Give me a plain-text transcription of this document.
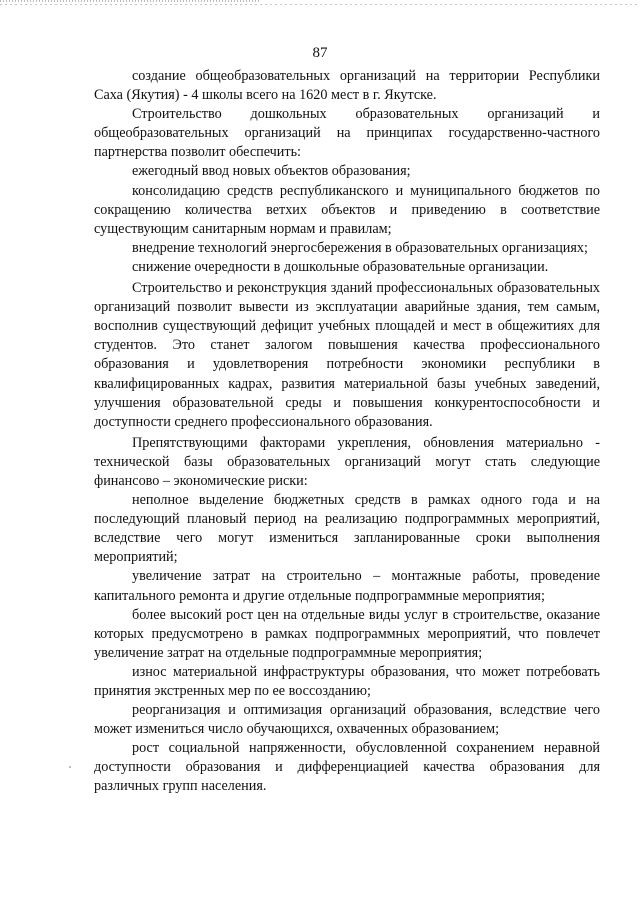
87

создание общеобразовательных организаций на территории Республики Саха (Якутия) - 4 школы всего на 1620 мест в г. Якутске.

Строительство дошкольных образовательных организаций и общеобразовательных организаций на принципах государственно-частного партнерства позволит обеспечить:

ежегодный ввод новых объектов образования;

консолидацию средств республиканского и муниципального бюджетов по сокращению количества ветхих объектов и приведению в соответствие существующим санитарным нормам и правилам;

внедрение технологий энергосбережения в образовательных организациях;

снижение очередности в дошкольные образовательные организации.

Строительство и реконструкция зданий профессиональных образовательных организаций позволит вывести из эксплуатации аварийные здания, тем самым, восполнив существующий дефицит учебных площадей и мест в общежитиях для студентов. Это станет залогом повышения качества профессионального образования и удовлетворения потребности экономики республики в квалифицированных кадрах, развития материальной базы учебных заведений, улучшения образовательной среды и повышения конкурентоспособности и доступности среднего профессионального образования.

Препятствующими факторами укрепления, обновления материально - технической базы образовательных организаций могут стать следующие финансово – экономические риски:

неполное выделение бюджетных средств в рамках одного года и на последующий плановый период на реализацию подпрограммных мероприятий, вследствие чего могут измениться запланированные сроки выполнения мероприятий;

увеличение затрат на строительно – монтажные работы, проведение капитального ремонта и другие отдельные подпрограммные мероприятия;

более высокий рост цен на отдельные виды услуг в строительстве, оказание которых предусмотрено в рамках подпрограммных мероприятий, что повлечет увеличение затрат на отдельные подпрограммные мероприятия;

износ материальной инфраструктуры образования, что может потребовать принятия экстренных мер по ее воссозданию;

реорганизация и оптимизация организаций образования, вследствие чего может измениться число обучающихся, охваченных образованием;

рост социальной напряженности, обусловленной сохранением неравной доступности образования и дифференциацией качества образования для различных групп населения.
